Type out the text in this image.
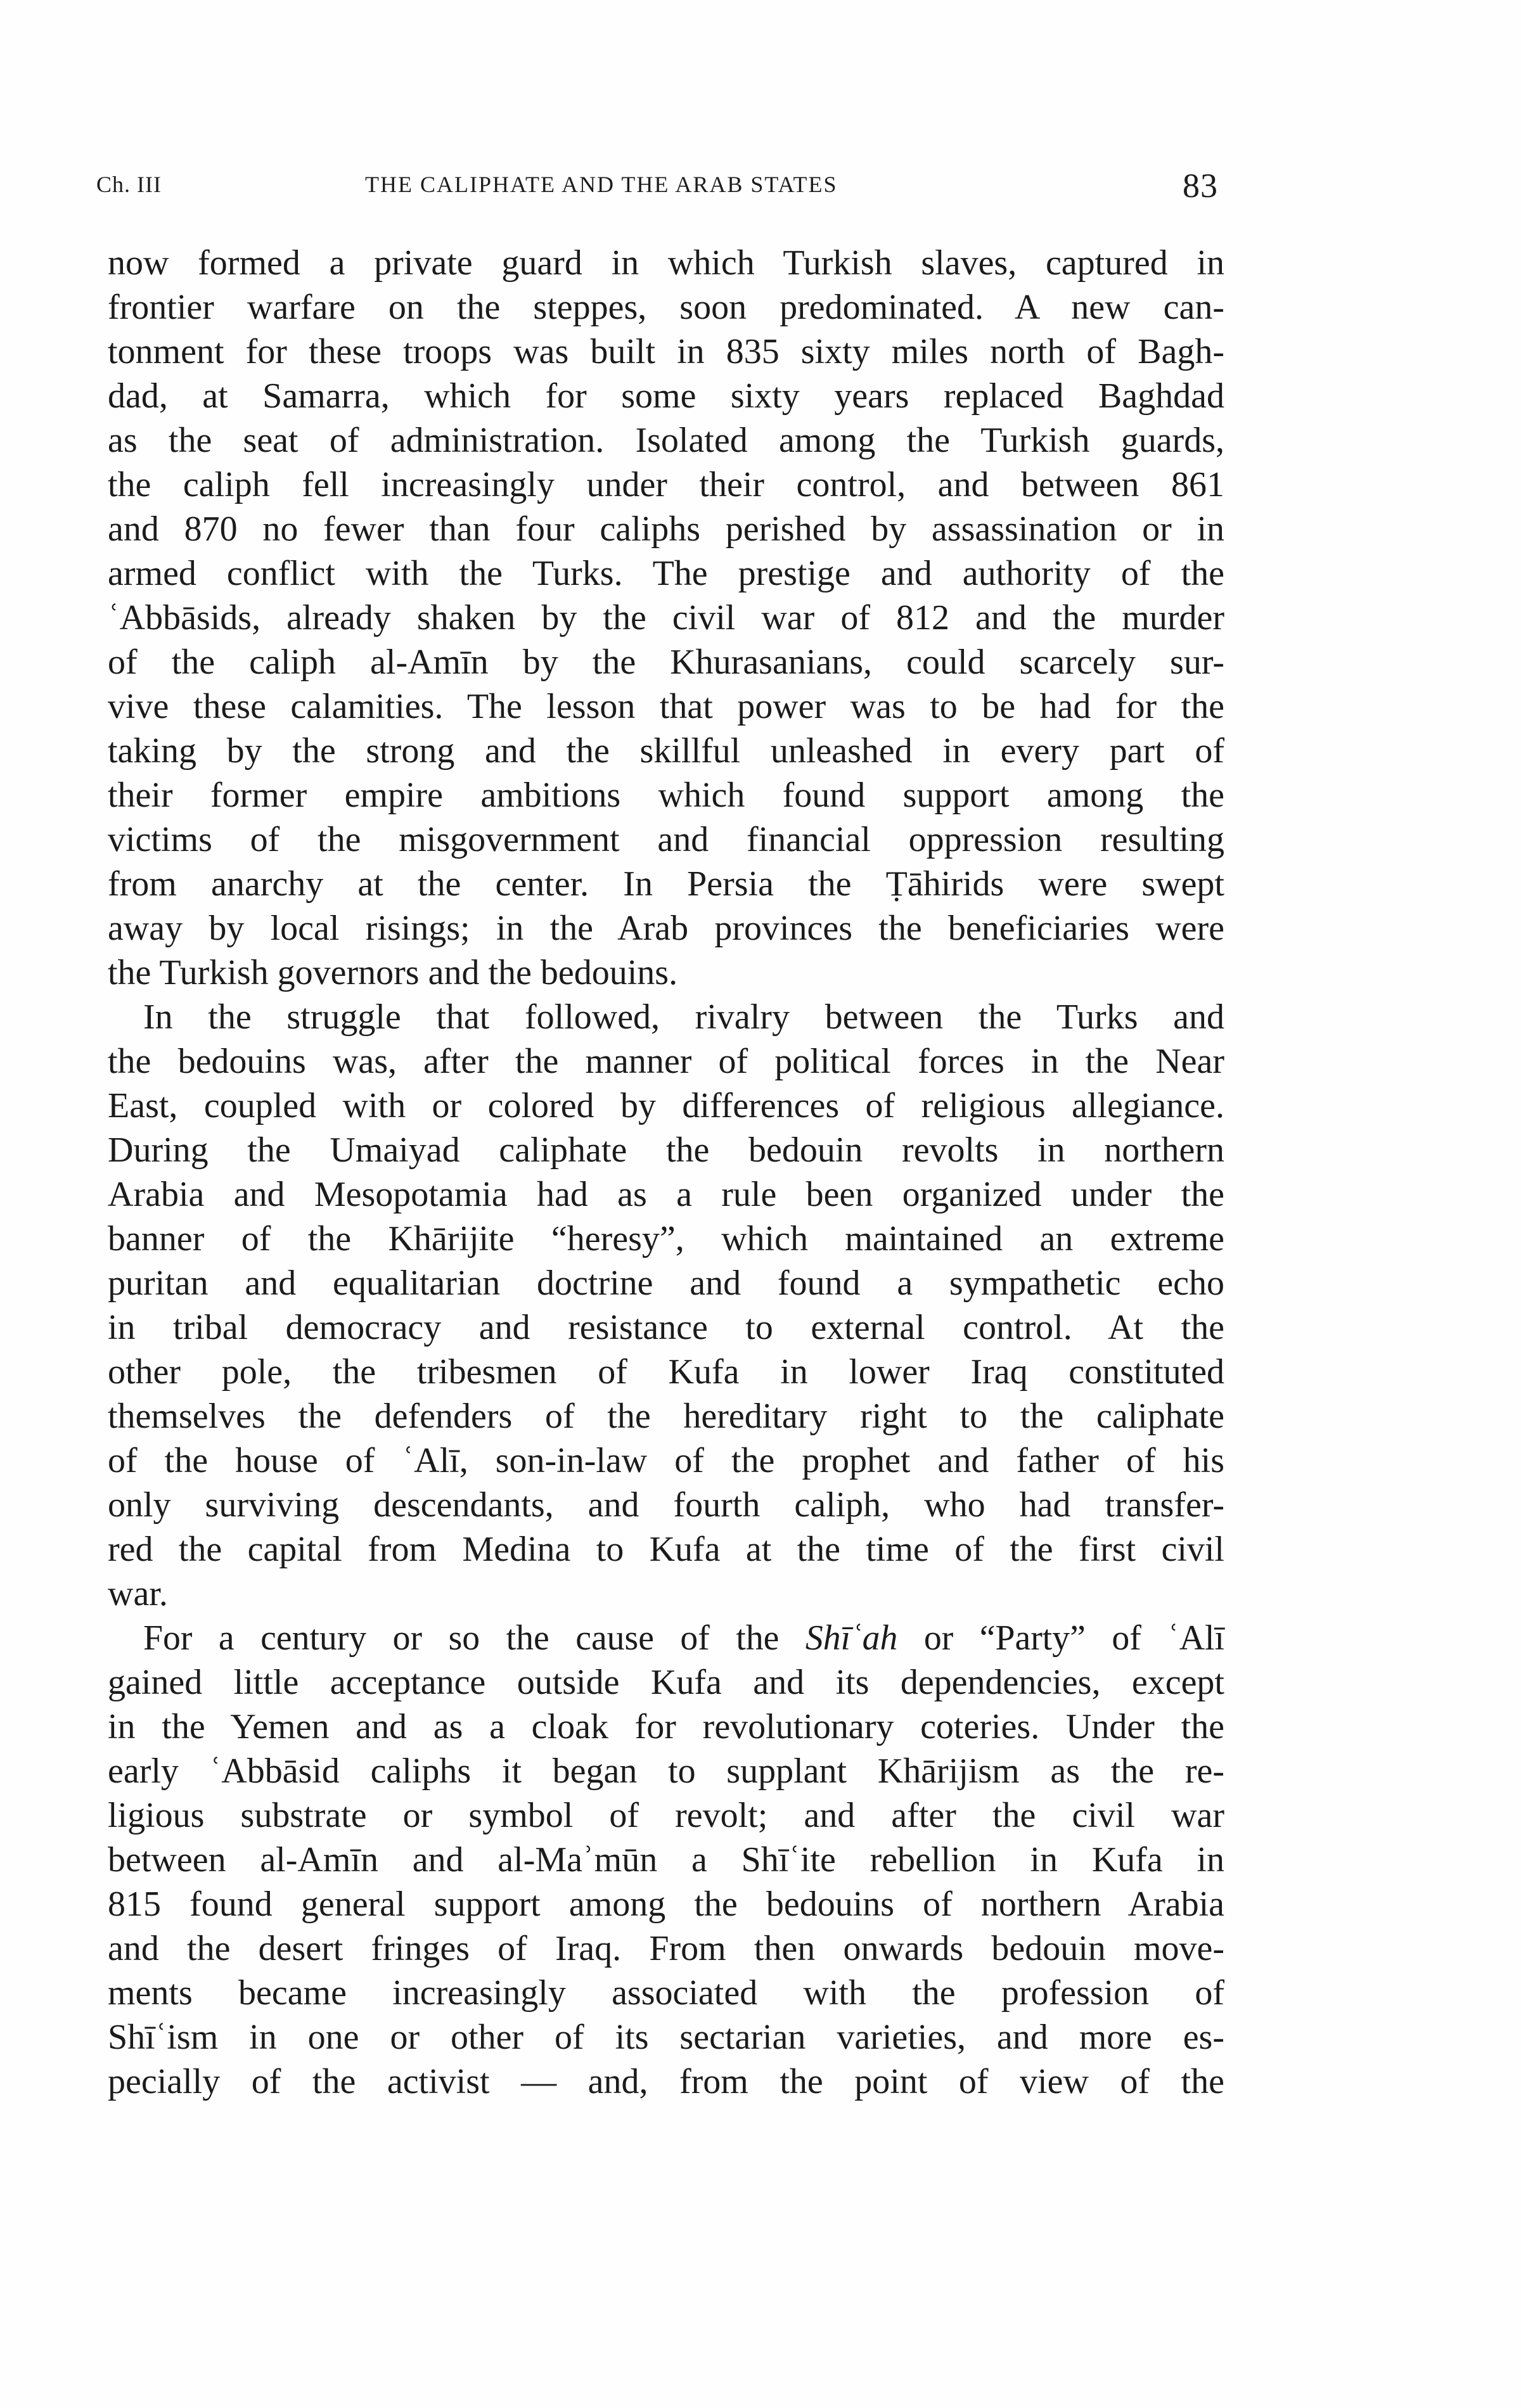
Ch. III	THE CALIPHATE AND THE ARAB STATES	83
now formed a private guard in which Turkish slaves, captured in
frontier warfare on the steppes, soon predominated. A new can-
tonment for these troops was built in 835 sixty miles north of Bagh-
dad, at Samarra, which for some sixty years replaced Baghdad
as the seat of administration. Isolated among the Turkish guards,
the caliph fell increasingly under their control, and between 861
and 870 no fewer than four caliphs perished by assassination or in
armed conflict with the Turks. The prestige and authority of the
ʿAbbāsids, already shaken by the civil war of 812 and the murder
of the caliph al-Amīn by the Khurasanians, could scarcely sur-
vive these calamities. The lesson that power was to be had for the
taking by the strong and the skillful unleashed in every part of
their former empire ambitions which found support among the
victims of the misgovernment and financial oppression resulting
from anarchy at the center. In Persia the Ṭāhirids were swept
away by local risings; in the Arab provinces the beneficiaries were
the Turkish governors and the bedouins.
In the struggle that followed, rivalry between the Turks and
the bedouins was, after the manner of political forces in the Near
East, coupled with or colored by differences of religious allegiance.
During the Umaiyad caliphate the bedouin revolts in northern
Arabia and Mesopotamia had as a rule been organized under the
banner of the Khārijite “heresy”, which maintained an extreme
puritan and equalitarian doctrine and found a sympathetic echo
in tribal democracy and resistance to external control. At the
other pole, the tribesmen of Kufa in lower Iraq constituted
themselves the defenders of the hereditary right to the caliphate
of the house of ʿAlī, son-in-law of the prophet and father of his
only surviving descendants, and fourth caliph, who had transfer-
red the capital from Medina to Kufa at the time of the first civil
war.
For a century or so the cause of the Shīʿah or “Party” of ʿAlī
gained little acceptance outside Kufa and its dependencies, except
in the Yemen and as a cloak for revolutionary coteries. Under the
early ʿAbbāsid caliphs it began to supplant Khārijism as the re-
ligious substrate or symbol of revolt; and after the civil war
between al-Amīn and al-Maʾmūn a Shīʿite rebellion in Kufa in
815 found general support among the bedouins of northern Arabia
and the desert fringes of Iraq. From then onwards bedouin move-
ments became increasingly associated with the profession of
Shīʿism in one or other of its sectarian varieties, and more es-
pecially of the activist — and, from the point of view of the
